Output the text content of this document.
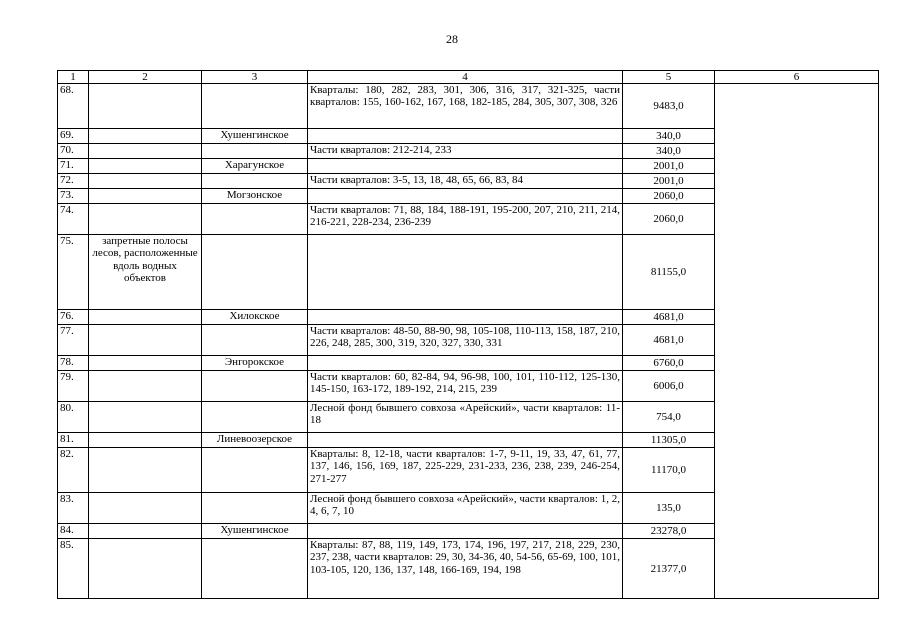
28
1	2	3	4	5	6
68.			Кварталы: 180, 282, 283, 301, 306, 316, 317, 321-325, части кварталов: 155, 160-162, 167, 168, 182-185, 284, 305, 307, 308, 326	9483,0	
69.		Хушенгинское		340,0	
70.			Части кварталов: 212-214, 233	340,0	
71.		Харагунское		2001,0	
72.			Части кварталов: 3-5, 13, 18, 48, 65, 66, 83, 84	2001,0	
73.		Могзонское		2060,0	
74.			Части кварталов: 71, 88, 184, 188-191, 195-200, 207, 210, 211, 214, 216-221, 228-234, 236-239	2060,0	
75.	запретные полосы лесов, расположенные вдоль водных объектов			81155,0	
76.		Хилокское		4681,0	
77.			Части кварталов: 48-50, 88-90, 98, 105-108, 110-113, 158, 187, 210, 226, 248, 285, 300, 319, 320, 327, 330, 331	4681,0	
78.		Энгорокское		6760,0	
79.			Части кварталов: 60, 82-84, 94, 96-98, 100, 101, 110-112, 125-130, 145-150, 163-172, 189-192, 214, 215, 239	6006,0	
80.			Лесной фонд бывшего совхоза «Арейский», части кварталов: 11-18	754,0	
81.		Линевоозерское		11305,0	
82.			Кварталы: 8, 12-18, части кварталов: 1-7, 9-11, 19, 33, 47, 61, 77, 137, 146, 156, 169, 187, 225-229, 231-233, 236, 238, 239, 246-254, 271-277	11170,0	
83.			Лесной фонд бывшего совхоза «Арейский», части кварталов: 1, 2, 4, 6, 7, 10	135,0	
84.		Хушенгинское		23278,0	
85.			Кварталы: 87, 88, 119, 149, 173, 174, 196, 197, 217, 218, 229, 230, 237, 238, части кварталов: 29, 30, 34-36, 40, 54-56, 65-69, 100, 101, 103-105, 120, 136, 137, 148, 166-169, 194, 198	21377,0	
